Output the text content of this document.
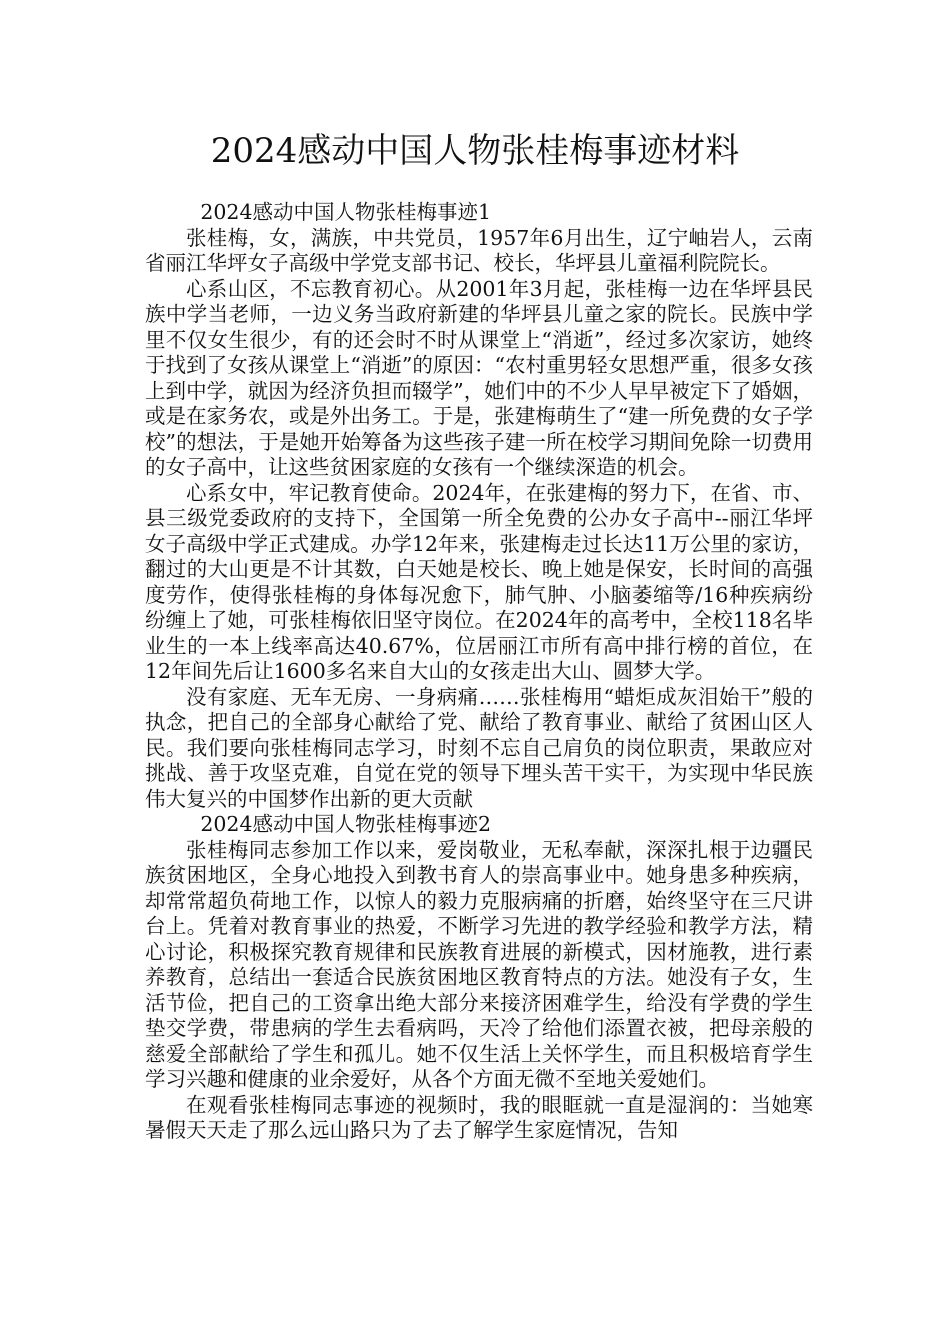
2024感动中国人物张桂梅事迹材料

2024感动中国人物张桂梅事迹1

张桂梅，女，满族，中共党员，1957年6月出生，辽宁岫岩人，云南省丽江华坪女子高级中学党支部书记、校长，华坪县儿童福利院院长。

心系山区，不忘教育初心。从2001年3月起，张桂梅一边在华坪县民族中学当老师，一边义务当政府新建的华坪县儿童之家的院长。民族中学里不仅女生很少，有的还会时不时从课堂上“消逝”，经过多次家访，她终于找到了女孩从课堂上“消逝”的原因：“农村重男轻女思想严重，很多女孩上到中学，就因为经济负担而辍学”，她们中的不少人早早被定下了婚姻，或是在家务农，或是外出务工。于是，张建梅萌生了“建一所免费的女子学校”的想法，于是她开始筹备为这些孩子建一所在校学习期间免除一切费用的女子高中，让这些贫困家庭的女孩有一个继续深造的机会。

心系女中，牢记教育使命。2024年，在张建梅的努力下，在省、市、县三级党委政府的支持下，全国第一所全免费的公办女子高中--丽江华坪女子高级中学正式建成。办学12年来，张建梅走过长达11万公里的家访，翻过的大山更是不计其数，白天她是校长、晚上她是保安，长时间的高强度劳作，使得张桂梅的身体每况愈下，肺气肿、小脑萎缩等/16种疾病纷纷缠上了她，可张桂梅依旧坚守岗位。在2024年的高考中，全校118名毕业生的一本上线率高达40.67%，位居丽江市所有高中排行榜的首位，在12年间先后让1600多名来自大山的女孩走出大山、圆梦大学。

没有家庭、无车无房、一身病痛……张桂梅用“蜡炬成灰泪始干”般的执念，把自己的全部身心献给了党、献给了教育事业、献给了贫困山区人民。我们要向张桂梅同志学习，时刻不忘自己肩负的岗位职责，果敢应对挑战、善于攻坚克难，自觉在党的领导下埋头苦干实干，为实现中华民族伟大复兴的中国梦作出新的更大贡献

2024感动中国人物张桂梅事迹2

张桂梅同志参加工作以来，爱岗敬业，无私奉献，深深扎根于边疆民族贫困地区，全身心地投入到教书育人的崇高事业中。她身患多种疾病，却常常超负荷地工作，以惊人的毅力克服病痛的折磨，始终坚守在三尺讲台上。凭着对教育事业的热爱，不断学习先进的教学经验和教学方法，精心讨论，积极探究教育规律和民族教育进展的新模式，因材施教，进行素养教育，总结出一套适合民族贫困地区教育特点的方法。她没有子女，生活节俭，把自己的工资拿出绝大部分来接济困难学生，给没有学费的学生垫交学费，带患病的学生去看病吗，天冷了给他们添置衣被，把母亲般的慈爱全部献给了学生和孤儿。她不仅生活上关怀学生，而且积极培育学生学习兴趣和健康的业余爱好，从各个方面无微不至地关爱她们。

在观看张桂梅同志事迹的视频时，我的眼眶就一直是湿润的：当她寒暑假天天走了那么远山路只为了去了解学生家庭情况，告知
